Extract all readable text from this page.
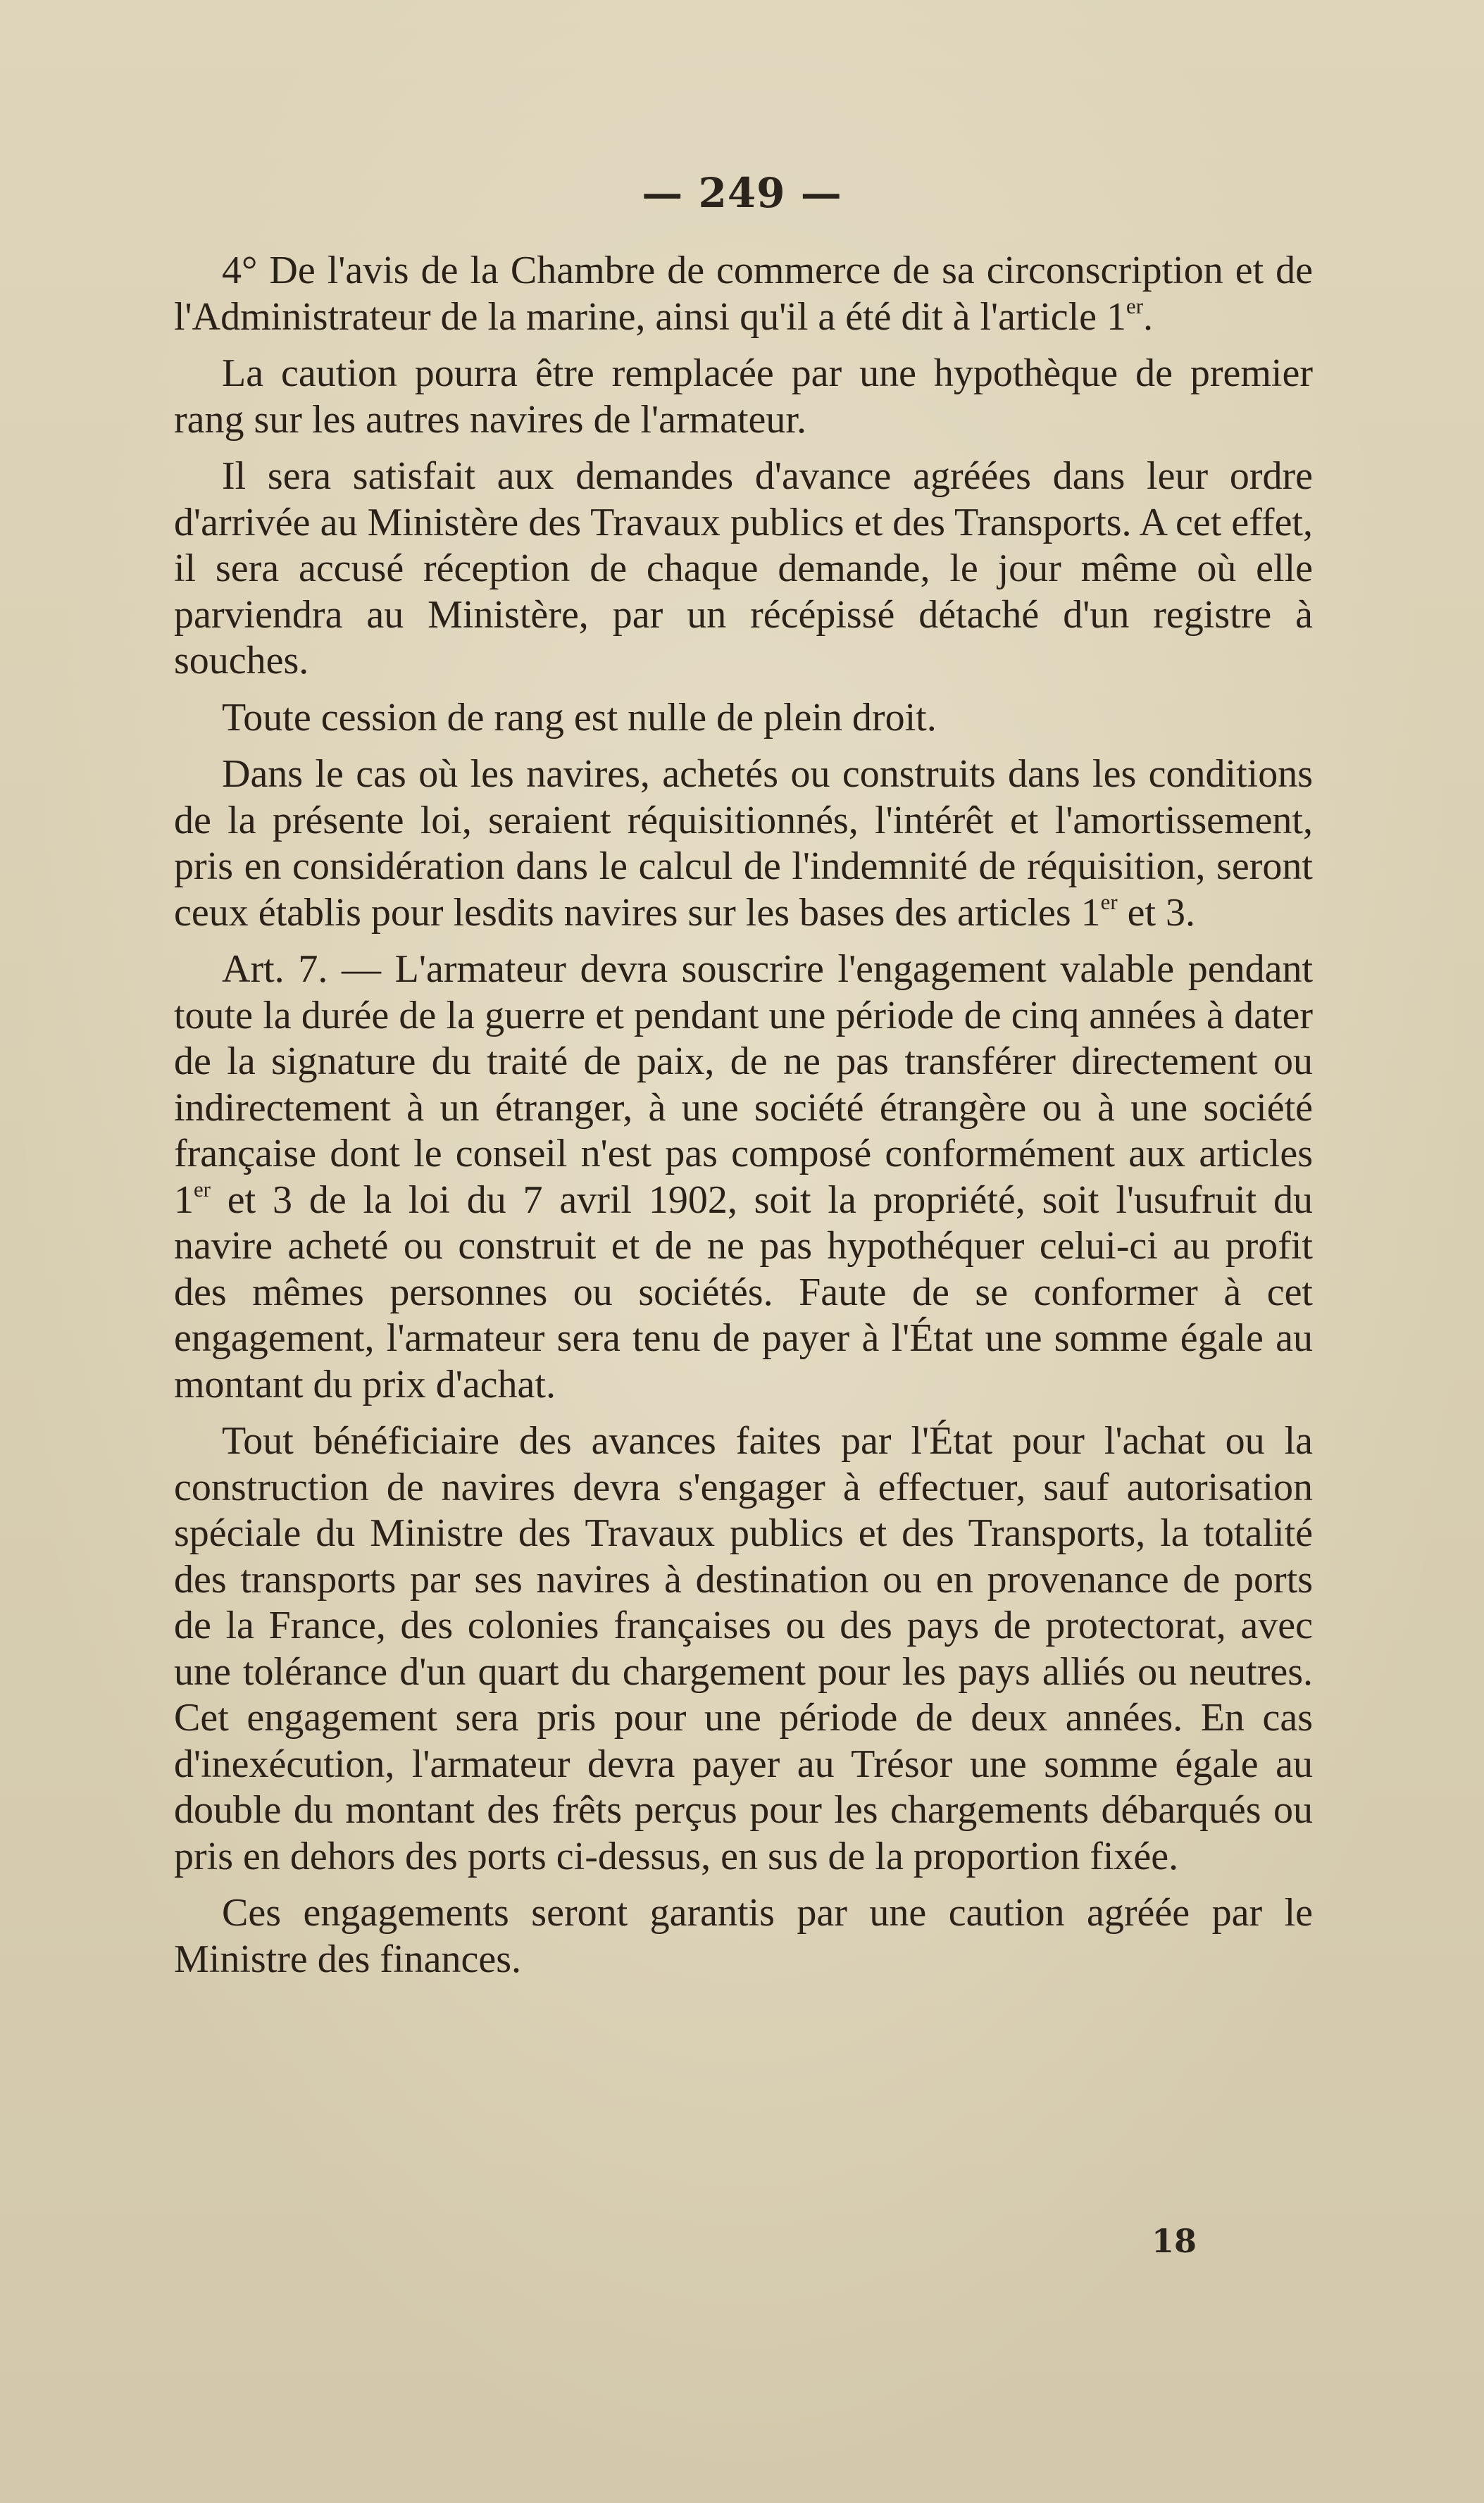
— 249 —

4° De l'avis de la Chambre de commerce de sa circonscription et de l'Administrateur de la marine, ainsi qu'il a été dit à l'article 1er.

La caution pourra être remplacée par une hypothèque de premier rang sur les autres navires de l'armateur.

Il sera satisfait aux demandes d'avance agréées dans leur ordre d'arrivée au Ministère des Travaux publics et des Transports. A cet effet, il sera accusé réception de chaque demande, le jour même où elle parviendra au Ministère, par un récépissé détaché d'un registre à souches.

Toute cession de rang est nulle de plein droit.

Dans le cas où les navires, achetés ou construits dans les conditions de la présente loi, seraient réquisitionnés, l'intérêt et l'amortissement, pris en considération dans le calcul de l'indemnité de réquisition, seront ceux établis pour lesdits navires sur les bases des articles 1er et 3.

Art. 7. — L'armateur devra souscrire l'engagement valable pendant toute la durée de la guerre et pendant une période de cinq années à dater de la signature du traité de paix, de ne pas transférer directement ou indirectement à un étranger, à une société étrangère ou à une société française dont le conseil n'est pas composé conformément aux articles 1er et 3 de la loi du 7 avril 1902, soit la propriété, soit l'usufruit du navire acheté ou construit et de ne pas hypothéquer celui-ci au profit des mêmes personnes ou sociétés. Faute de se conformer à cet engagement, l'armateur sera tenu de payer à l'État une somme égale au montant du prix d'achat.

Tout bénéficiaire des avances faites par l'État pour l'achat ou la construction de navires devra s'engager à effectuer, sauf autorisation spéciale du Ministre des Travaux publics et des Transports, la totalité des transports par ses navires à destination ou en provenance de ports de la France, des colonies françaises ou des pays de protectorat, avec une tolérance d'un quart du chargement pour les pays alliés ou neutres. Cet engagement sera pris pour une période de deux années. En cas d'inexécution, l'armateur devra payer au Trésor une somme égale au double du montant des frêts perçus pour les chargements débarqués ou pris en dehors des ports ci-dessus, en sus de la proportion fixée.

Ces engagements seront garantis par une caution agréée par le Ministre des finances.

18
